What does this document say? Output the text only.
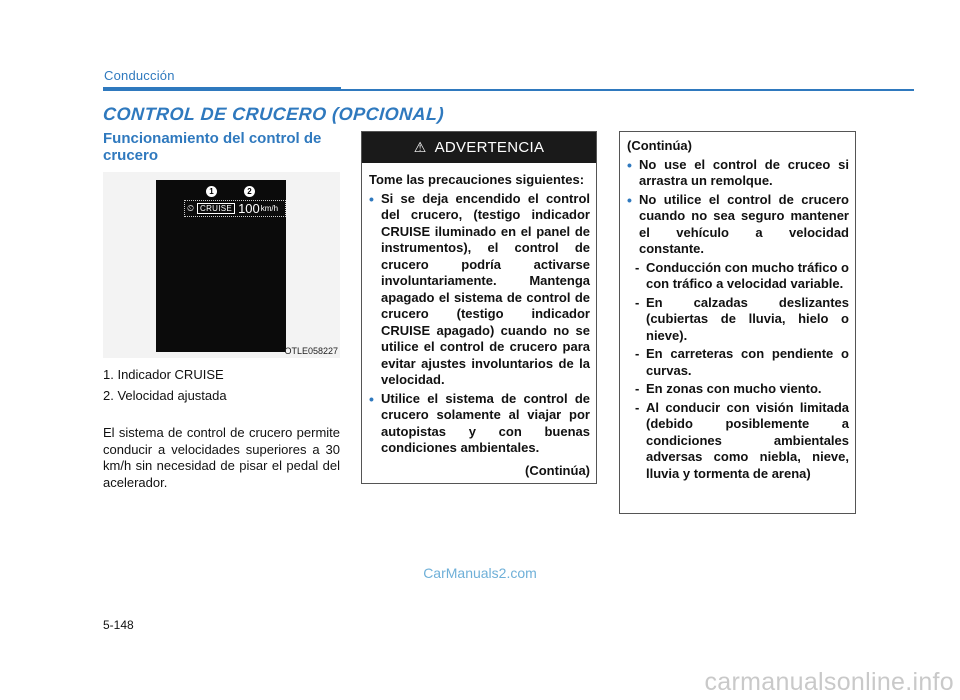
Conducción
CONTROL DE CRUCERO (OPCIONAL)
Funcionamiento del control de crucero
1	2
⏲ CRUISE 100 km/h
OTLE058227
1. Indicador CRUISE
2. Velocidad ajustada
El sistema de control de crucero permite conducir a velocidades superiores a 30 km/h sin necesidad de pisar el pedal del acelerador.
⚠ ADVERTENCIA
Tome las precauciones siguientes:
• Si se deja encendido el control del crucero, (testigo indicador CRUISE iluminado en el panel de instrumentos), el control de crucero podría activarse involuntariamente. Mantenga apagado el sistema de control de crucero (testigo indicador CRUISE apagado) cuando no se utilice el control de crucero para evitar ajustes involuntarios de la velocidad.
• Utilice el sistema de control de crucero solamente al viajar por autopistas y con buenas condiciones ambientales.
(Continúa)
(Continúa)
• No use el control de cruceo si arrastra un remolque.
• No utilice el control de crucero cuando no sea seguro mantener el vehículo a velocidad constante.
- Conducción con mucho tráfico o con tráfico a velocidad variable.
- En calzadas deslizantes (cubiertas de lluvia, hielo o nieve).
- En carreteras con pendiente o curvas.
- En zonas con mucho viento.
- Al conducir con visión limitada (debido posiblemente a condiciones ambientales adversas como niebla, nieve, lluvia y tormenta de arena)
CarManuals2.com
5-148
carmanualsonline.info
